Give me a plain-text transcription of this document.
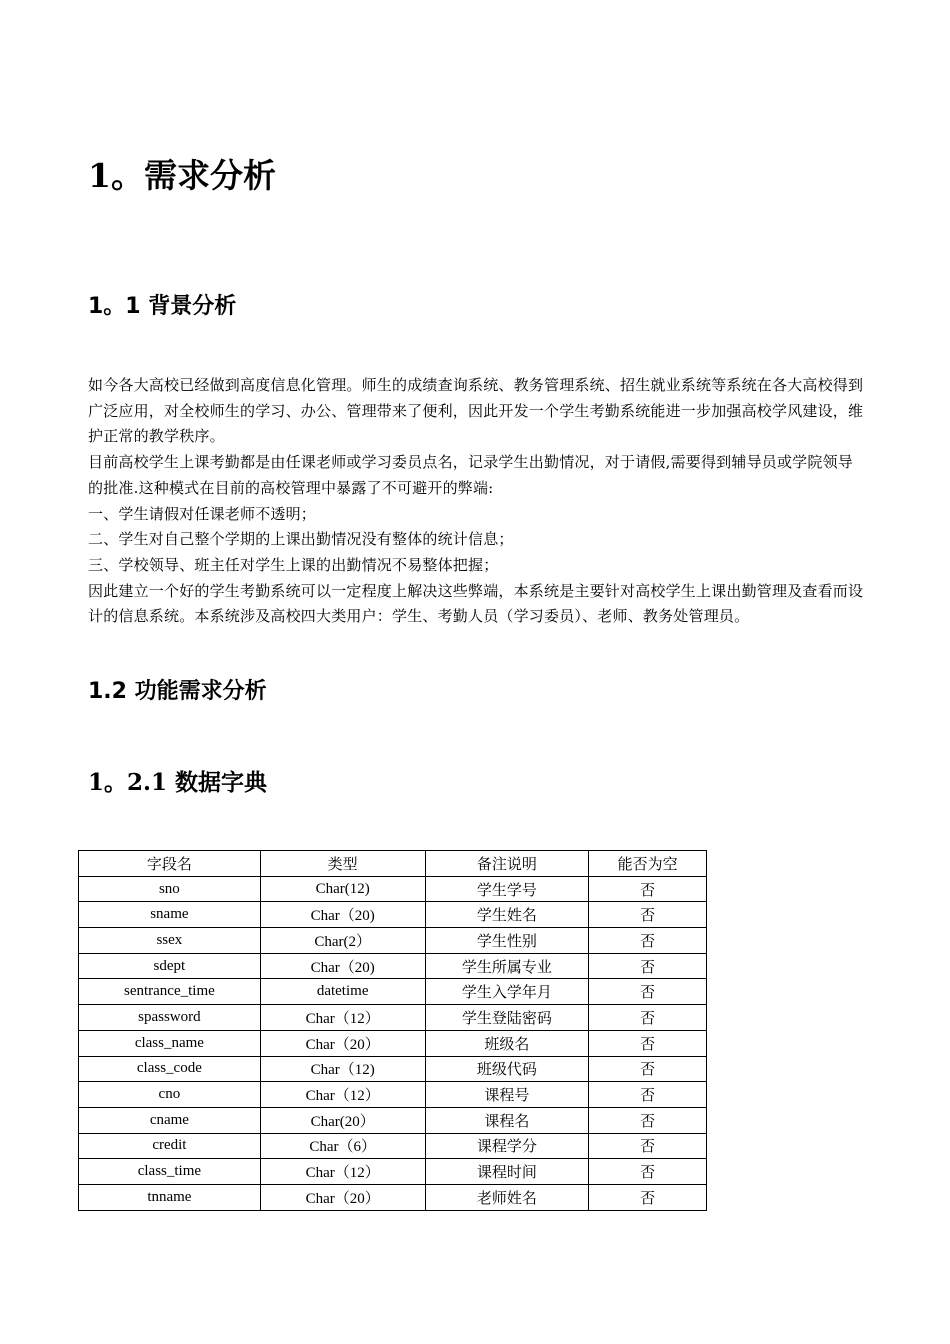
1。需求分析
1。1 背景分析

如今各大高校已经做到高度信息化管理。师生的成绩查询系统、教务管理系统、招生就业系统等系统在各大高校得到广泛应用，对全校师生的学习、办公、管理带来了便利，因此开发一个学生考勤系统能进一步加强高校学风建设，维护正常的教学秩序。

目前高校学生上课考勤都是由任课老师或学习委员点名，记录学生出勤情况，对于请假,需要得到辅导员或学院领导的批准.这种模式在目前的高校管理中暴露了不可避开的弊端:

一、学生请假对任课老师不透明；

二、学生对自己整个学期的上课出勤情况没有整体的统计信息；

三、学校领导、班主任对学生上课的出勤情况不易整体把握；

因此建立一个好的学生考勤系统可以一定程度上解决这些弊端，本系统是主要针对高校学生上课出勤管理及查看而设计的信息系统。本系统涉及高校四大类用户：学生、考勤人员（学习委员）、老师、教务处管理员。

1.2 功能需求分析
1。2.1 数据字典
字段名	类型	备注说明	能否为空
sno	Char(12)	学生学号	否
sname	Char（20)	学生姓名	否
ssex	Char(2）	学生性别	否
sdept	Char（20)	学生所属专业	否
sentrance_time	datetime	学生入学年月	否
spassword	Char（12）	学生登陆密码	否
class_name	Char（20）	班级名	否
class_code	Char（12)	班级代码	否
cno	Char（12）	课程号	否
cname	Char(20）	课程名	否
credit	Char（6）	课程学分	否
class_time	Char（12）	课程时间	否
tnname	Char（20）	老师姓名	否
